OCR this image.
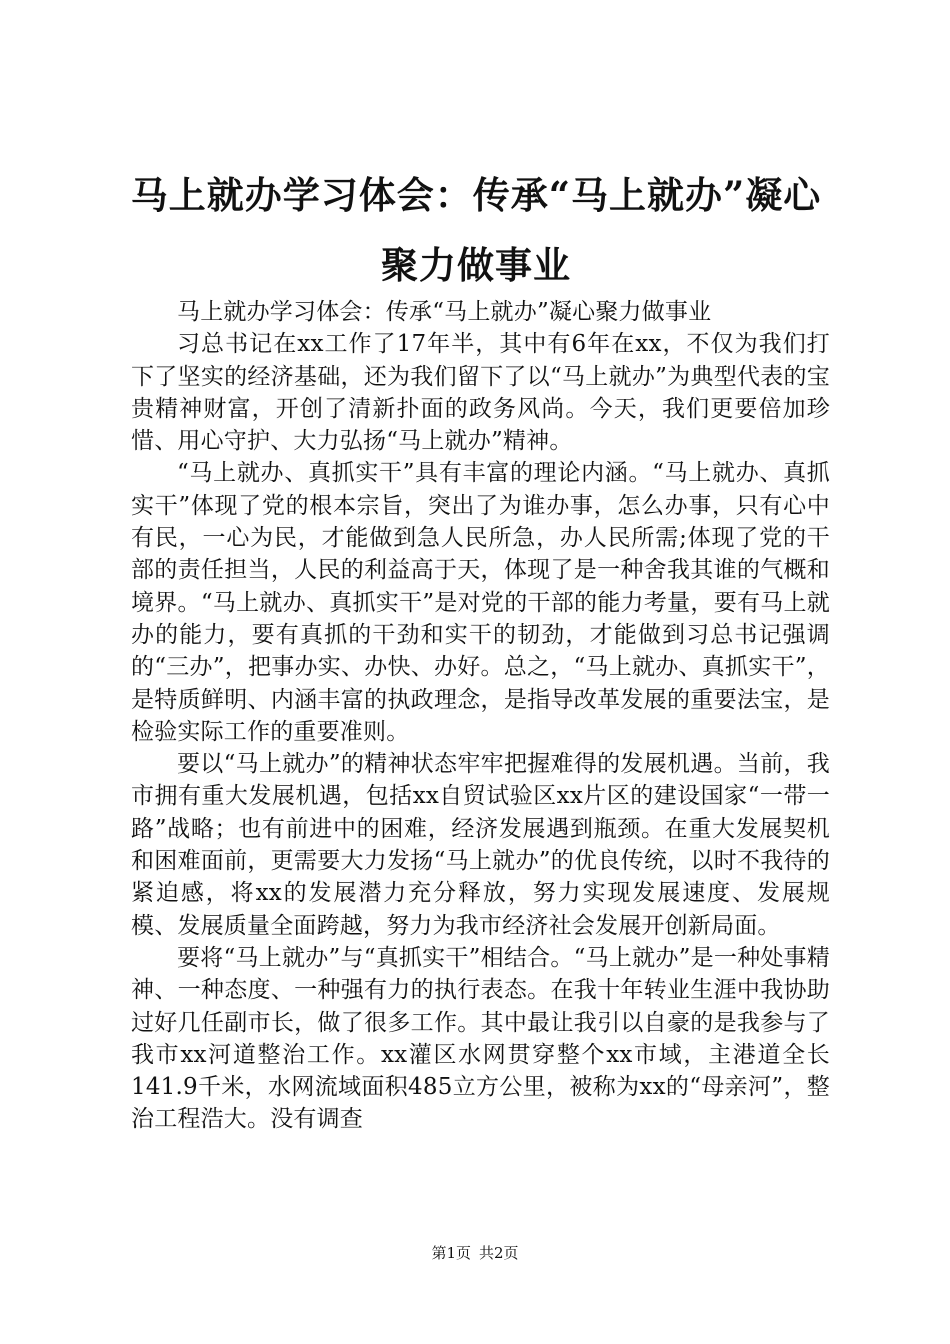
马上就办学习体会：传承“马上就办”凝心聚力做事业

马上就办学习体会：传承“马上就办”凝心聚力做事业

习总书记在xx工作了17年半，其中有6年在xx，不仅为我们打下了坚实的经济基础，还为我们留下了以“马上就办”为典型代表的宝贵精神财富，开创了清新扑面的政务风尚。今天，我们更要倍加珍惜、用心守护、大力弘扬“马上就办”精神。

“马上就办、真抓实干”具有丰富的理论内涵。“马上就办、真抓实干”体现了党的根本宗旨，突出了为谁办事，怎么办事，只有心中有民，一心为民，才能做到急人民所急，办人民所需;体现了党的干部的责任担当，人民的利益高于天，体现了是一种舍我其谁的气概和境界。“马上就办、真抓实干”是对党的干部的能力考量，要有马上就办的能力，要有真抓的干劲和实干的韧劲，才能做到习总书记强调的“三办”，把事办实、办快、办好。总之，“马上就办、真抓实干”，是特质鲜明、内涵丰富的执政理念，是指导改革发展的重要法宝，是检验实际工作的重要准则。

要以“马上就办”的精神状态牢牢把握难得的发展机遇。当前，我市拥有重大发展机遇，包括xx自贸试验区xx片区的建设国家“一带一路”战略；也有前进中的困难，经济发展遇到瓶颈。在重大发展契机和困难面前，更需要大力发扬“马上就办”的优良传统，以时不我待的紧迫感，将xx的发展潜力充分释放，努力实现发展速度、发展规模、发展质量全面跨越，努力为我市经济社会发展开创新局面。

要将“马上就办”与“真抓实干”相结合。“马上就办”是一种处事精神、一种态度、一种强有力的执行表态。在我十年转业生涯中我协助过好几任副市长，做了很多工作。其中最让我引以自豪的是我参与了我市xx河道整治工作。xx灌区水网贯穿整个xx市域，主港道全长141.9千米，水网流域面积485立方公里，被称为xx的“母亲河”，整治工程浩大。没有调查

第1页 共2页
